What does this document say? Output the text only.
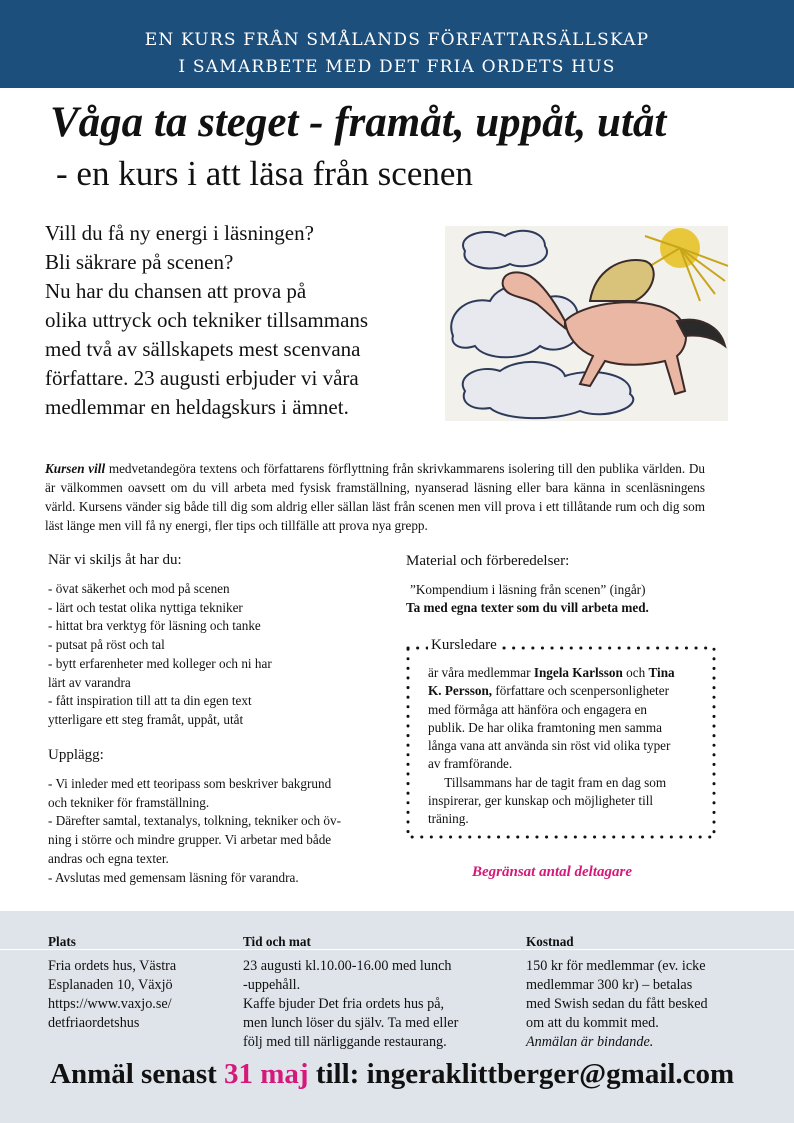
EN KURS FRÅN SMÅLANDS FÖRFATTARSÄLLSKAP
I SAMARBETE MED DET FRIA ORDETS HUS
Våga ta steget - framåt, uppåt, utåt
- en kurs i att läsa från scenen
Vill du få ny energi i läsningen?
Bli säkrare på scenen?
Nu har du chansen att prova på
olika uttryck och tekniker tillsammans
med två av sällskapets mest scenvana
författare. 23 augusti erbjuder vi våra
medlemmar en heldagskurs i ämnet.
Kursen vill medvetandegöra textens och författarens förflyttning från skrivkammarens isolering till den publika världen. Du är välkommen oavsett om du vill arbeta med fysisk framställning, nyanserad läsning eller bara känna in scenläsningens värld. Kursens vänder sig både till dig som aldrig eller sällan läst från scenen men vill prova i ett tillåtande rum och dig som läst länge men vill få ny energi, fler tips och tillfälle att prova nya grepp.
När vi skiljs åt har du:
- övat säkerhet och mod på scenen
- lärt och testat olika nyttiga tekniker
- hittat bra verktyg för läsning och tanke
- putsat på röst och tal
- bytt erfarenheter med kolleger och ni har
lärt av varandra
- fått inspiration till att ta din egen text
ytterligare ett steg framåt, uppåt, utåt
Upplägg:
- Vi inleder med ett teoripass som beskriver bakgrund
och tekniker för framställning.
- Därefter samtal, textanalys, tolkning, tekniker och öv-
ning i större och mindre grupper. Vi arbetar med både
andras och egna texter.
- Avslutas med gemensam läsning för varandra.
Material och förberedelser:
”Kompendium i läsning från scenen” (ingår)
Ta med egna texter som du vill arbeta med.
Kursledare
är våra medlemmar Ingela Karlsson och Tina
K. Persson, författare och scenpersonligheter
med förmåga att hänföra och engagera en
publik. De har olika framtoning men samma
långa vana att använda sin röst vid olika typer
av framförande.
Tillsammans har de tagit fram en dag som
inspirerar, ger kunskap och möjligheter till
träning.
Begränsat antal deltagare
Plats
Fria ordets hus, Västra
Esplanaden 10, Växjö
https://www.vaxjo.se/
detfriaordetshus
Tid och mat
23 augusti kl.10.00-16.00 med lunch
-uppehåll.
Kaffe bjuder Det fria ordets hus på,
men lunch löser du själv. Ta med eller
följ med till närliggande restaurang.
Kostnad
150 kr för medlemmar (ev. icke
medlemmar 300 kr) – betalas
med Swish sedan du fått besked
om att du kommit med.
Anmälan är bindande.
Anmäl senast 31 maj till: ingeraklittberger@gmail.com
